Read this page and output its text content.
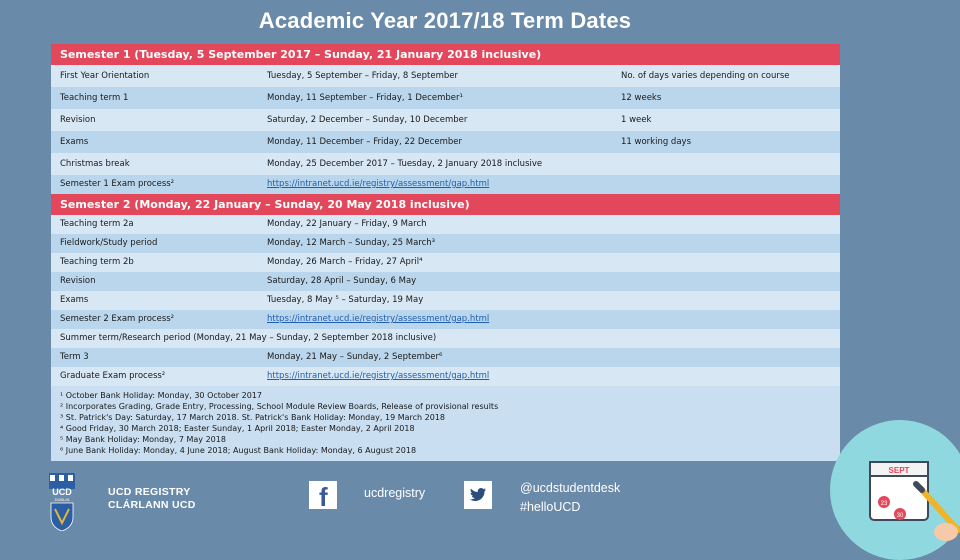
Academic Year 2017/18 Term Dates
Semester 1 (Tuesday, 5 September 2017 – Sunday, 21 January 2018 inclusive)
First Year Orientation	Tuesday, 5 September – Friday, 8 September	No. of days varies depending on course
Teaching term 1	Monday, 11 September – Friday, 1 December¹	12 weeks
Revision	Saturday, 2 December – Sunday, 10 December	1 week
Exams	Monday, 11 December – Friday, 22 December	11 working days
Christmas break	Monday, 25 December 2017 – Tuesday, 2 January 2018 inclusive
Semester 1 Exam process²	https://intranet.ucd.ie/registry/assessment/gap.html
Semester 2 (Monday, 22 January – Sunday, 20 May 2018 inclusive)
Teaching term 2a	Monday, 22 January – Friday, 9 March
Fieldwork/Study period	Monday, 12 March – Sunday, 25 March³
Teaching term 2b	Monday, 26 March – Friday, 27 April⁴
Revision	Saturday, 28 April – Sunday, 6 May
Exams	Tuesday, 8 May ⁵ – Saturday, 19 May
Semester 2 Exam process²	https://intranet.ucd.ie/registry/assessment/gap.html
Summer term/Research period (Monday, 21 May – Sunday, 2 September 2018 inclusive)
Term 3	Monday, 21 May – Sunday, 2 September⁶
Graduate Exam process²	https://intranet.ucd.ie/registry/assessment/gap.html
¹ October Bank Holiday: Monday, 30 October 2017
² Incorporates Grading, Grade Entry, Processing, School Module Review Boards, Release of provisional results
³ St. Patrick's Day: Saturday, 17 March 2018. St. Patrick's Bank Holiday: Monday, 19 March 2018
⁴ Good Friday, 30 March 2018; Easter Sunday, 1 April 2018; Easter Monday, 2 April 2018
⁵ May Bank Holiday: Monday, 7 May 2018
⁶ June Bank Holiday: Monday, 4 June 2018; August Bank Holiday: Monday, 6 August 2018
UCD
DUBLIN
UCD REGISTRY
CLÁRLANN UCD	f	ucdregistry	@ucdstudentdesk
#helloUCD
SEPT
23
30
